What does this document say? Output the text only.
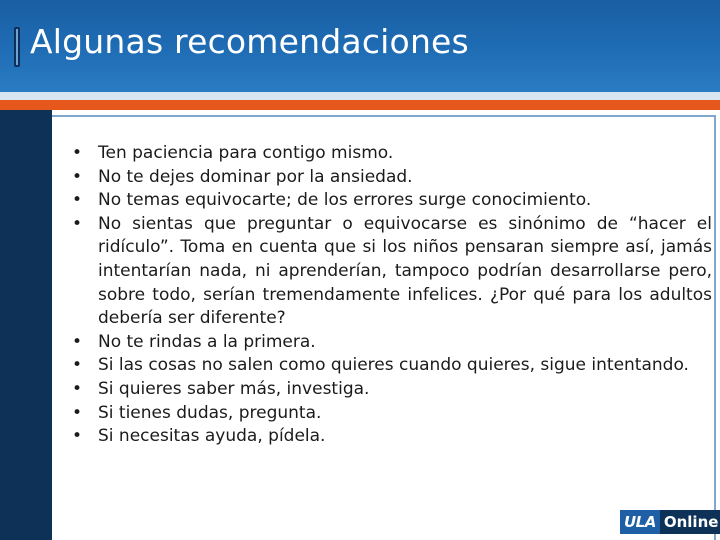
Algunas recomendaciones
• Ten paciencia para contigo mismo.
• No te dejes dominar por la ansiedad.
• No temas equivocarte; de los errores surge conocimiento.
• No sientas que preguntar o equivocarse es sinónimo de “hacer el ridículo”. Toma en cuenta que si los niños pensaran siempre así, jamás intentarían nada, ni aprenderían, tampoco podrían desarrollarse pero, sobre todo, serían tremendamente infelices. ¿Por qué para los adultos debería ser diferente?
• No te rindas a la primera.
• Si las cosas no salen como quieres cuando quieres, sigue intentando.
• Si quieres saber más, investiga.
• Si tienes dudas, pregunta.
• Si necesitas ayuda, pídela.
ULA Online
